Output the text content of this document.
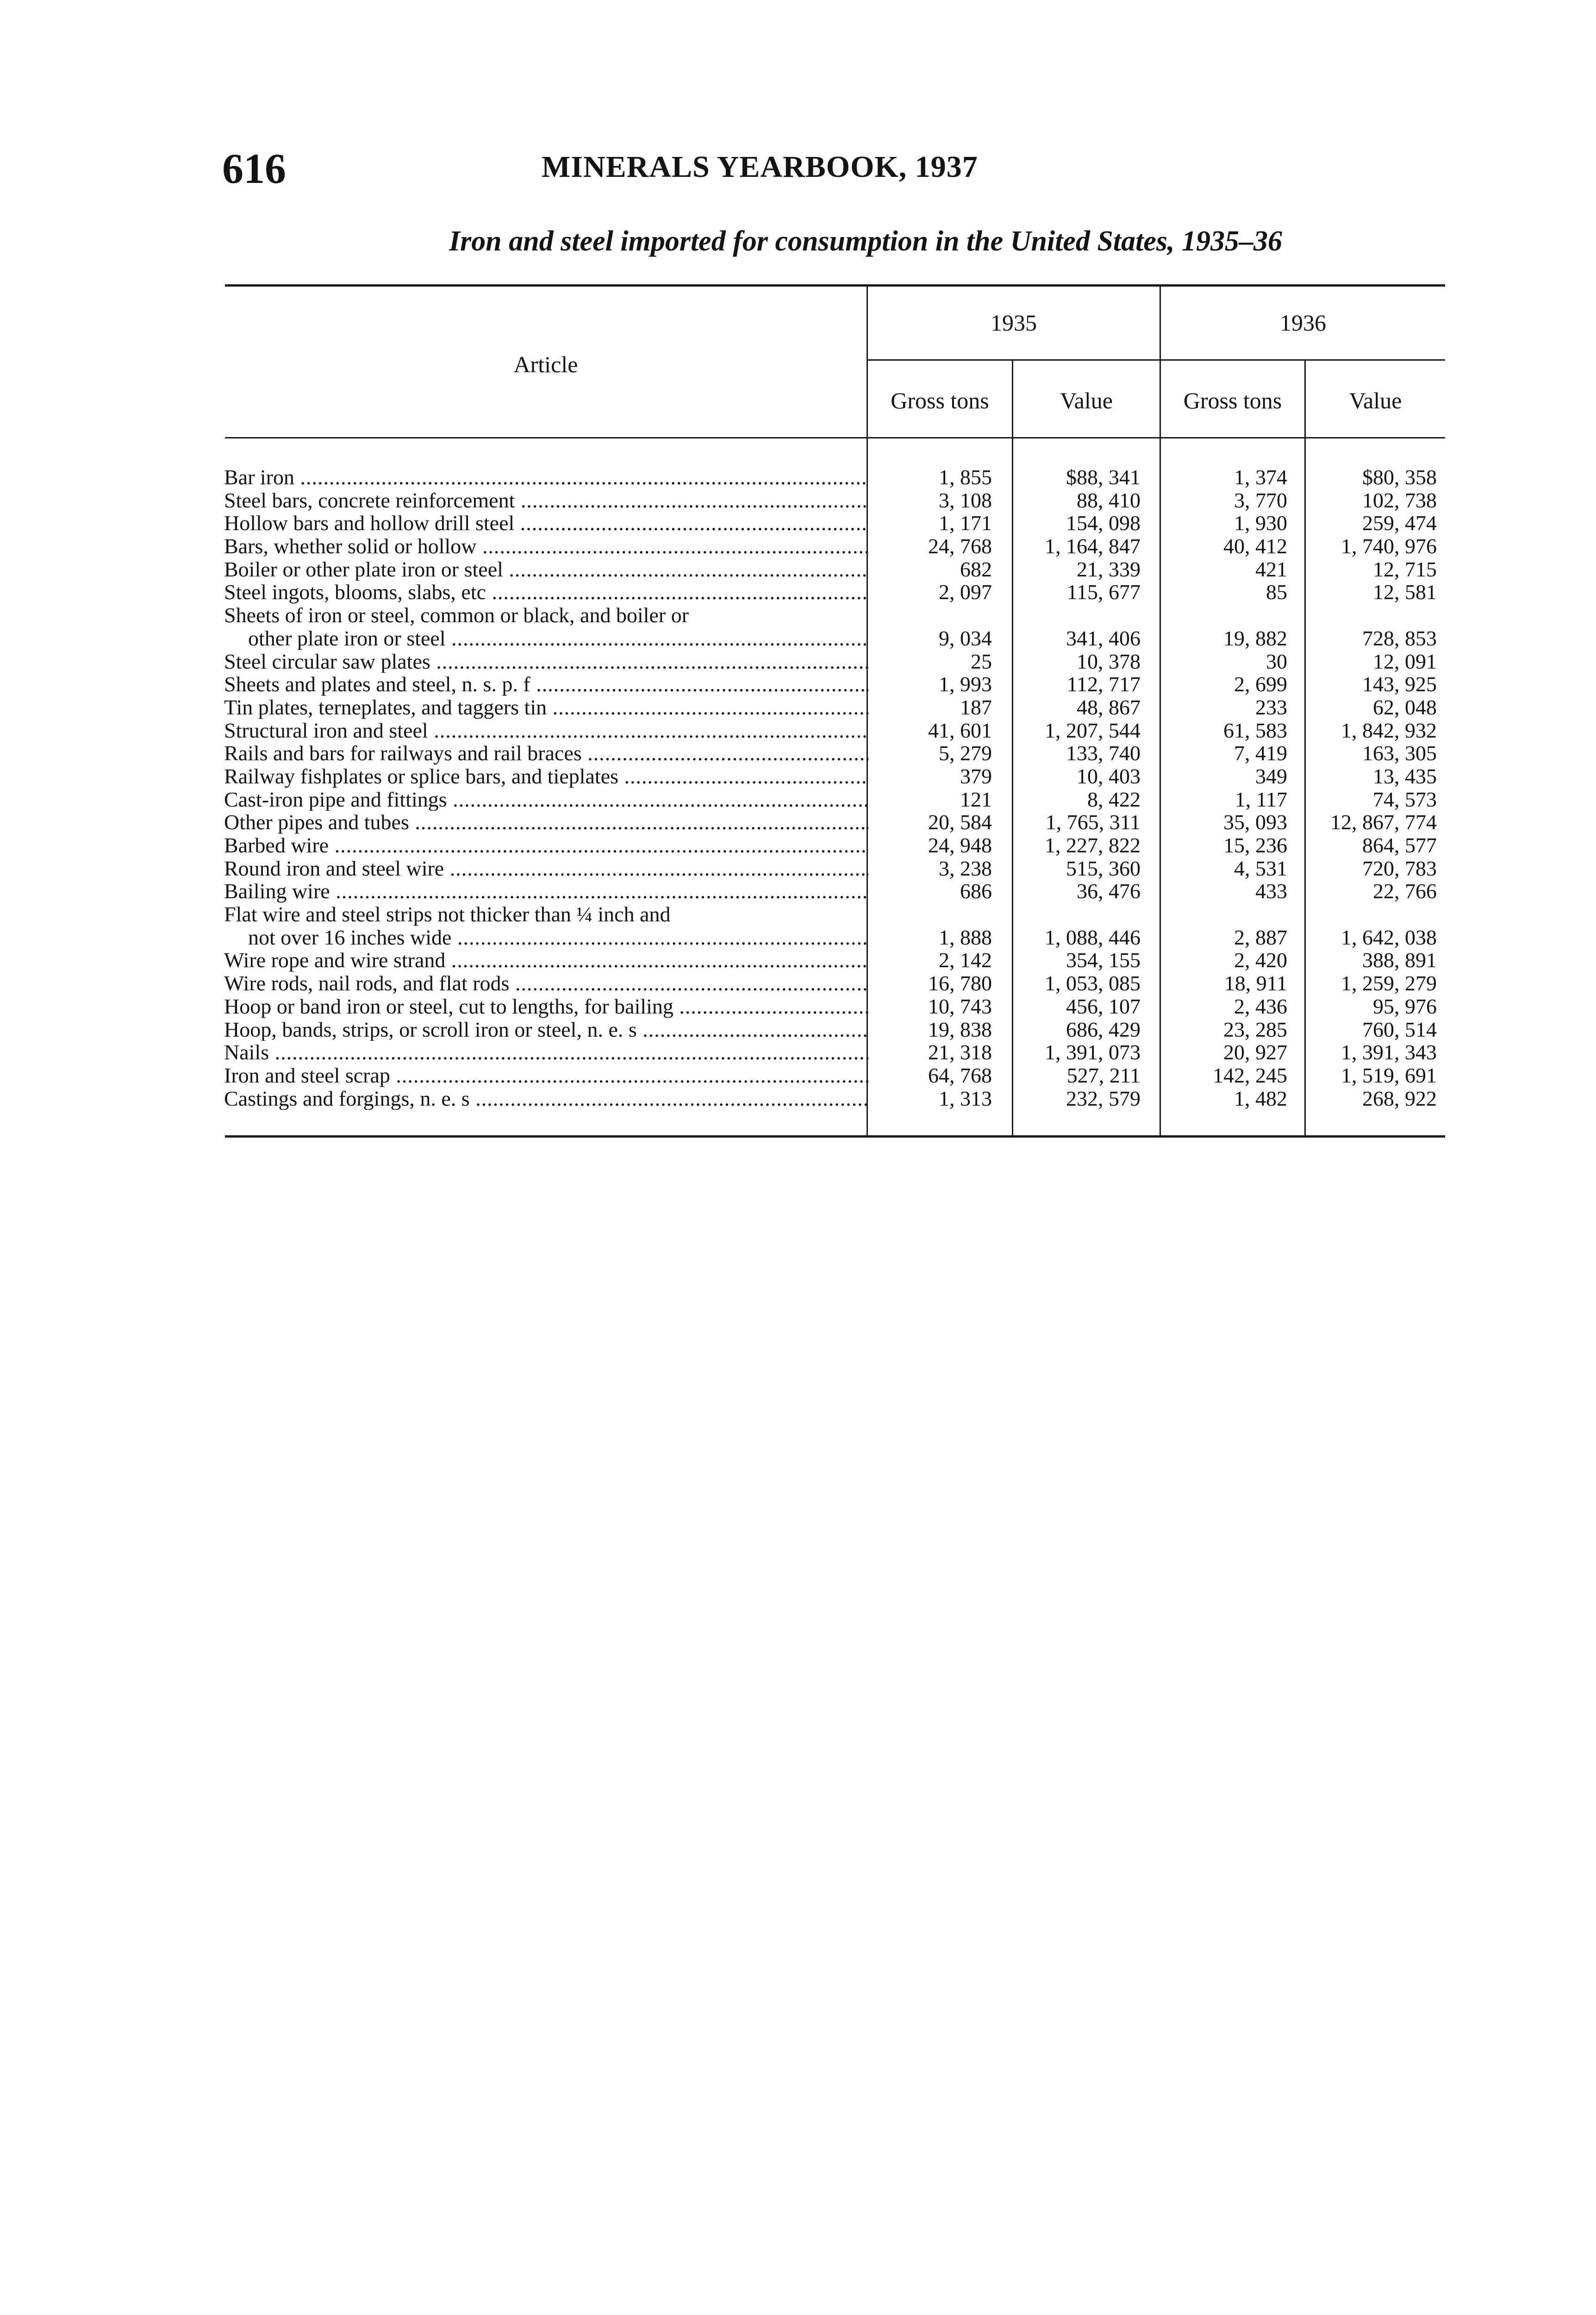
616	MINERALS YEARBOOK, 1937
Iron and steel imported for consumption in the United States, 1935–36
Article
1935	1936
Gross tons	Value	Gross tons	Value
Bar iron .....	1, 855	$88, 341	1, 374	$80, 358
Steel bars, concrete reinforcement .....	3, 108	88, 410	3, 770	102, 738
Hollow bars and hollow drill steel .....	1, 171	154, 098	1, 930	259, 474
Bars, whether solid or hollow .....	24, 768	1, 164, 847	40, 412	1, 740, 976
Boiler or other plate iron or steel .....	682	21, 339	421	12, 715
Steel ingots, blooms, slabs, etc .....	2, 097	115, 677	85	12, 581
Sheets of iron or steel, common or black, and boiler or
other plate iron or steel .....	9, 034	341, 406	19, 882	728, 853
Steel circular saw plates .....	25	10, 378	30	12, 091
Sheets and plates and steel, n. s. p. f .....	1, 993	112, 717	2, 699	143, 925
Tin plates, terneplates, and taggers tin .....	187	48, 867	233	62, 048
Structural iron and steel .....	41, 601	1, 207, 544	61, 583	1, 842, 932
Rails and bars for railways and rail braces .....	5, 279	133, 740	7, 419	163, 305
Railway fishplates or splice bars, and tieplates .....	379	10, 403	349	13, 435
Cast-iron pipe and fittings .....	121	8, 422	1, 117	74, 573
Other pipes and tubes .....	20, 584	1, 765, 311	35, 093	12, 867, 774
Barbed wire .....	24, 948	1, 227, 822	15, 236	864, 577
Round iron and steel wire .....	3, 238	515, 360	4, 531	720, 783
Bailing wire .....	686	36, 476	433	22, 766
Flat wire and steel strips not thicker than ¼ inch and
not over 16 inches wide .....	1, 888	1, 088, 446	2, 887	1, 642, 038
Wire rope and wire strand .....	2, 142	354, 155	2, 420	388, 891
Wire rods, nail rods, and flat rods .....	16, 780	1, 053, 085	18, 911	1, 259, 279
Hoop or band iron or steel, cut to lengths, for bailing .....	10, 743	456, 107	2, 436	95, 976
Hoop, bands, strips, or scroll iron or steel, n. e. s .....	19, 838	686, 429	23, 285	760, 514
Nails .....	21, 318	1, 391, 073	20, 927	1, 391, 343
Iron and steel scrap .....	64, 768	527, 211	142, 245	1, 519, 691
Castings and forgings, n. e. s .....	1, 313	232, 579	1, 482	268, 922
